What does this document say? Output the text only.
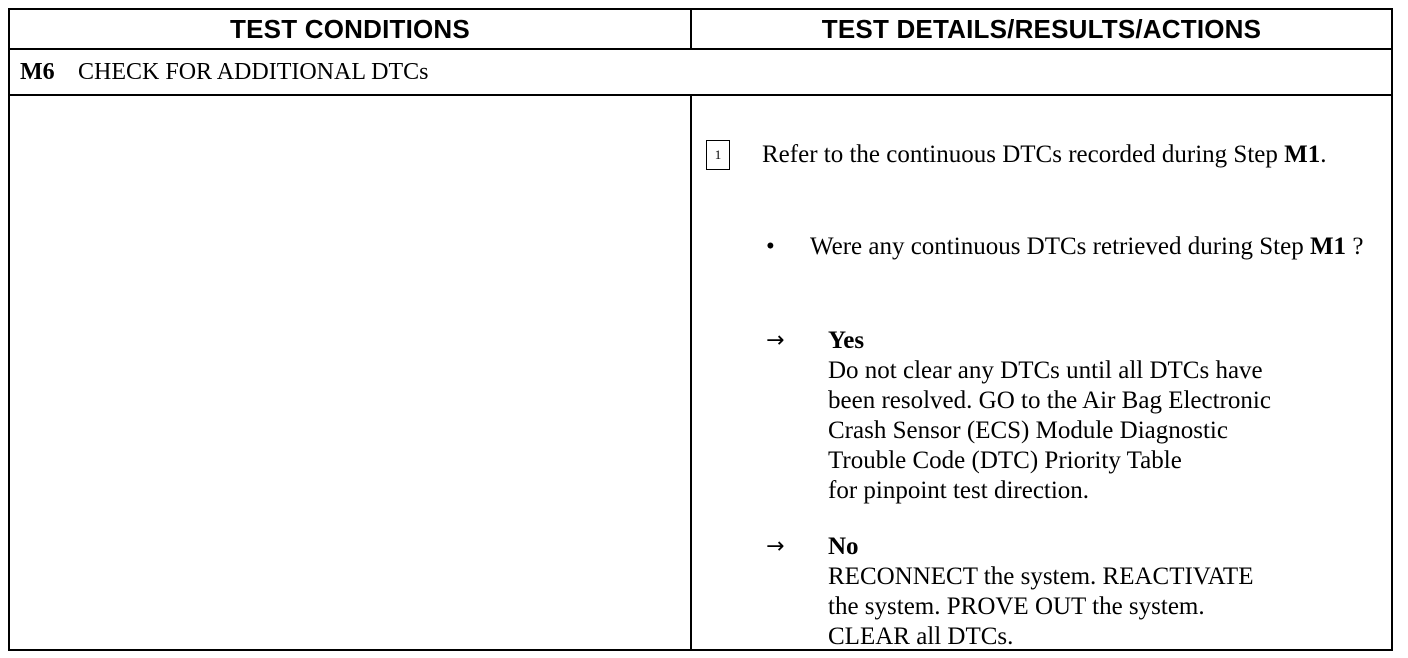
TEST CONDITIONS	TEST DETAILS/RESULTS/ACTIONS
M6 CHECK FOR ADDITIONAL DTCs
1	Refer to the continuous DTCs recorded during Step M1.
•	Were any continuous DTCs retrieved during Step M1 ?
→	Yes
Do not clear any DTCs until all DTCs have
been resolved. GO to the Air Bag Electronic
Crash Sensor (ECS) Module Diagnostic
Trouble Code (DTC) Priority Table
for pinpoint test direction.
→	No
RECONNECT the system. REACTIVATE
the system. PROVE OUT the system.
CLEAR all DTCs.
